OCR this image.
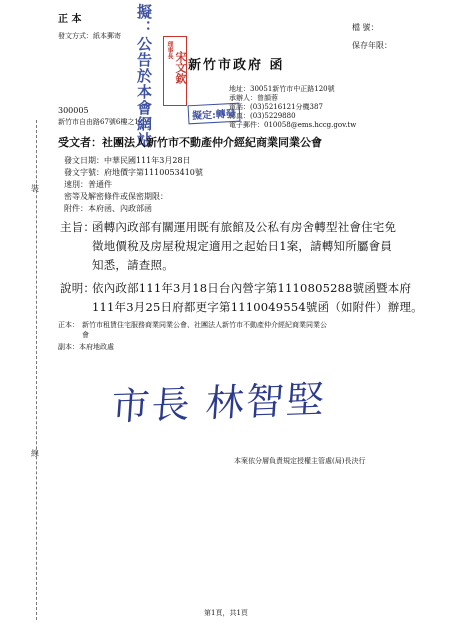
裝
線
正 本
檔 號：
保存年限：
發文方式：紙本郵寄 擬：公告於本會網站	理事長
宋文欽 新竹市政府 函
地址：30051新竹市中正路120號
承辦人：曾韻蓉
電話：(03)5216121分機387
傳真：(03)5229880
電子郵件：010058@ems.hccg.gov.tw
擬定:轉發
300005
新竹市自由路67號6樓之1
受文者：社團法人新竹市不動產仲介經紀商業同業公會
發文日期：中華民國111年3月28日
發文字號：府地價字第1110053410號
速別：普通件
密等及解密條件或保密期限：
附件：本府函、內政部函
主旨：
函轉內政部有關運用既有旅館及公私有房舍轉型社會住宅免
徵地價稅及房屋稅規定適用之起始日1案，請轉知所屬會員
知悉，請查照。
說明：
依內政部111年3月18日台內營字第1110805288號函暨本府
111年3月25日府都更字第1110049554號函（如附件）辦理。
正本： 新竹市租賃住宅服務商業同業公會、社團法人新竹市不動產仲介經紀商業同業公
會
副本：本府地政處
市長 林智堅
本案依分層負責規定授權主管處(局)長決行
第1頁，共1頁
